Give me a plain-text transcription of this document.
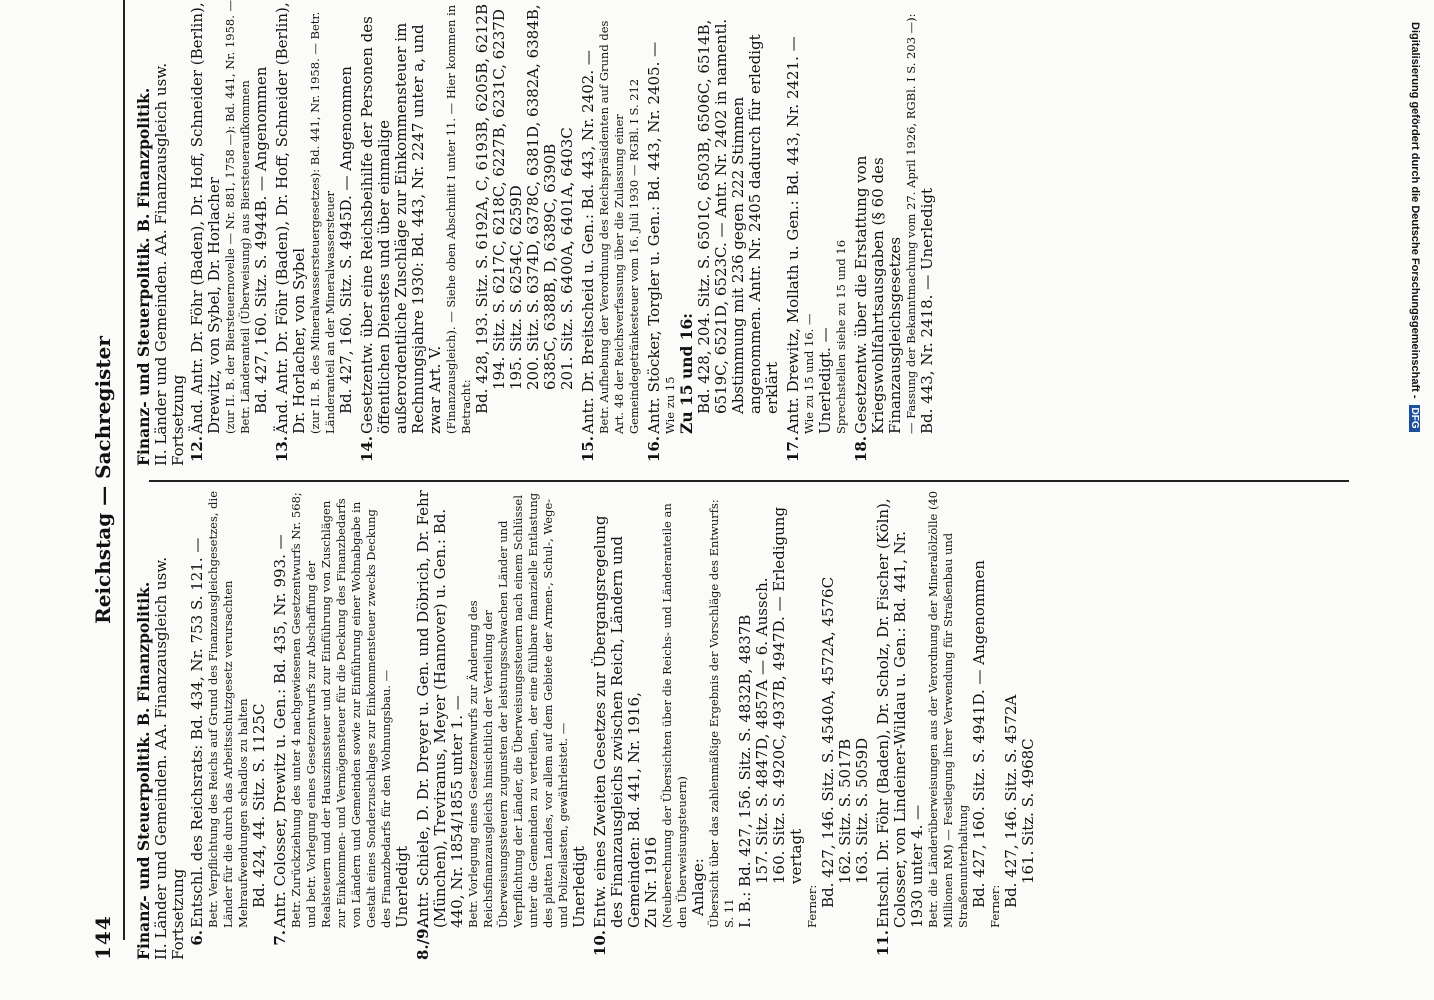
Digitalisierung gefördert durch die Deutsche Forschungsgemeinschaft -DFG
144
Reichstag — Sachregister
Finanz- und Steuerpolitik. B. Finanzpolitik. II. Länder und Gemeinden. AA. Finanzausgleich usw. Fortsetzung 6.
Entschl. des Reichsrats: Bd. 434, Nr. 753 S. 121. — Betr. Verpflichtung des Reichs auf Grund des Finanzausgleichgesetzes, die Länder für die durch das Arbeitsschutzgesetz verursachten Mehraufwendungen schadlos zu halten Bd. 424, 44. Sitz. S. 1125C
7.
Antr. Colosser, Drewitz u. Gen.: Bd. 435, Nr. 993. — Betr. Zurückziehung des unter 4 nachgewiesenen Gesetzentwurfs Nr. 568; und betr. Vorlegung eines Gesetzentwurfs zur Abschaffung der Realsteuern und der Hauszinssteuer und zur Einführung von Zuschlägen zur Einkommen- und Vermögensteuer für die Deckung des Finanzbedarfs von Ländern und Gemeinden sowie zur Einführung einer Wohnabgabe in Gestalt eines Sonderzuschlages zur Einkommensteuer zwecks Deckung des Finanzbedarfs für den Wohnungsbau. — Unerledigt
8./9.
Antr. Schiele, D. Dr. Dreyer u. Gen. und Döbrich, Dr. Fehr (München), Treviranus, Meyer (Hannover) u. Gen.: Bd. 440, Nr. 1854/1855 unter 1. — Betr. Vorlegung eines Gesetzentwurfs zur Änderung des Reichsfinanzausgleichs hinsichtlich der Verteilung der Überweisungssteuern zugunsten der leistungsschwachen Länder und Verpflichtung der Länder, die Überweisungssteuern nach einem Schlüssel unter die Gemeinden zu verteilen, der eine fühlbare finanzielle Entlastung des platten Landes, vor allem auf dem Gebiete der Armen-, Schul-, Wege- und Polizeilasten, gewährleistet. — Unerledigt
10.
Entw. eines Zweiten Gesetzes zur Übergangsregelung des Finanzausgleichs zwischen Reich, Ländern und Gemeinden: Bd. 441, Nr. 1916, Zu Nr. 1916 (Neuberechnung der Übersichten über die Reichs- und Länderanteile an den Überweisungsteuern) Anlage: Übersicht über das zahlenmäßige Ergebnis der Vorschläge des Entwurfs: S. 11 I. B.: Bd. 427, 156. Sitz. S. 4832B, 4837B 157. Sitz. S. 4847D, 4857A — 6. Aussch. 160. Sitz. S. 4920C, 4937B, 4947D. — Erledigung vertagt
Ferner: Bd. 427, 146. Sitz. S. 4540A, 4572A, 4576C 162. Sitz. S. 5017B 163. Sitz. S. 5059D
11.
Entschl. Dr. Föhr (Baden), Dr. Scholz, Dr. Fischer (Köln), Colosser, von Lindeiner-Wildau u. Gen.: Bd. 441, Nr. 1930 unter 4. — Betr. die Länderüberweisungen aus der Verordnung der Mineralölzölle (40 Millionen RM) — Festlegung ihrer Verwendung für Straßenbau und Straßenunterhaltung Bd. 427, 160. Sitz. S. 4941D. — Angenommen Ferner: Bd. 427, 146. Sitz. S. 4572A 161. Sitz. S. 4968C
Finanz- und Steuerpolitik. B. Finanzpolitik. II. Länder und Gemeinden. AA. Finanzausgleich usw. Fortsetzung 12.
Änd. Antr. Dr. Föhr (Baden), Dr. Hoff, Schneider (Berlin), Drewitz, von Sybel, Dr. Horlacher (zur II. B. der Biersteuernovelle — Nr. 881, 1758 —): Bd. 441, Nr. 1958. — Betr. Länderanteil (Überweisung) aus Biersteueraufkommen Bd. 427, 160. Sitz. S. 4944B. — Angenommen
13.
Änd. Antr. Dr. Föhr (Baden), Dr. Hoff, Schneider (Berlin), Dr. Horlacher, von Sybel (zur II. B. des Mineralwassersteuergesetzes): Bd. 441, Nr. 1958. — Betr. Länderanteil an der Mineralwassersteuer Bd. 427, 160. Sitz. S. 4945D. — Angenommen
14.
Gesetzentw. über eine Reichsbeihilfe der Personen des öffentlichen Dienstes und über einmalige außerordentliche Zuschläge zur Einkommensteuer im Rechnungsjahre 1930: Bd. 443, Nr. 2247 unter a, und zwar Art. V. (Finanzausgleich). — Siehe oben Abschnitt I unter 11. — Hier kommen in Betracht: Bd. 428, 193. Sitz. S. 6192A, C, 6193B, 6205B, 6212B 194. Sitz. S. 6217C, 6218C, 6227B, 6231C, 6237D 195. Sitz. S. 6254C, 6259D 200. Sitz. S. 6374D, 6378C, 6381D, 6382A, 6384B, 6385C, 6388B, D, 6389C, 6390B 201. Sitz. S. 6400A, 6401A, 6403C
15.
Antr. Dr. Breitscheid u. Gen.: Bd. 443, Nr. 2402. — Betr. Aufhebung der Verordnung des Reichspräsidenten auf Grund des Art. 48 der Reichsverfassung über die Zulassung einer Gemeindegetränkesteuer vom 16. Juli 1930 — RGBl. I S. 212
16.
Antr. Stöcker, Torgler u. Gen.: Bd. 443, Nr. 2405. — Wie zu 15 Zu 15 und 16: Bd. 428, 204. Sitz. S. 6501C, 6503B, 6506C, 6514B, 6519C, 6521D, 6523C. — Antr. Nr. 2402 in namentl. Abstimmung mit 236 gegen 222 Stimmen angenommen. Antr. Nr. 2405 dadurch für erledigt erklärt
17.
Antr. Drewitz, Mollath u. Gen.: Bd. 443, Nr. 2421. — Wie zu 15 und 16. — Unerledigt. — Sprechstellen siehe zu 15 und 16
18.
Gesetzentw. über die Erstattung von Kriegswohlfahrtsausgaben (§ 60 des Finanzausgleichsgesetzes — Fassung der Bekanntmachung vom 27. April 1926, RGBl. I S. 203 —): Bd. 443, Nr. 2418. — Unerledigt
